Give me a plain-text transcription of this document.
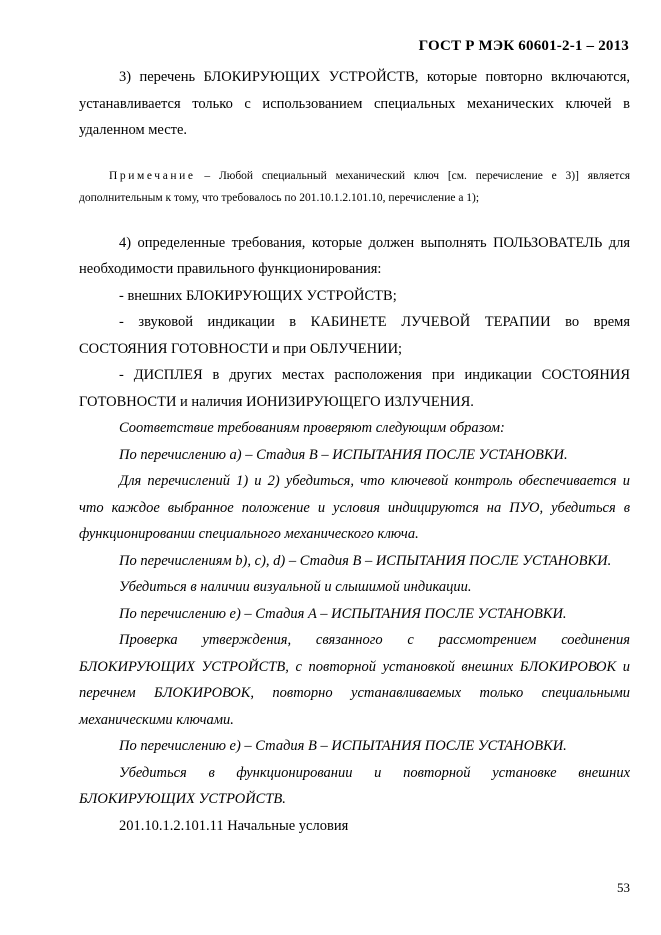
ГОСТ Р МЭК 60601-2-1 – 2013

3) перечень БЛОКИРУЮЩИХ УСТРОЙСТВ, которые повторно включаются, устанавливается только с использованием специальных механических ключей в удаленном месте.

Примечание – Любой специальный механический ключ [см. перечисление e 3)] является дополнительным к тому, что требовалось по 201.10.1.2.101.10, перечисление a 1);

4) определенные требования, которые должен выполнять ПОЛЬЗОВАТЕЛЬ для необходимости правильного функционирования:

- внешних БЛОКИРУЮЩИХ УСТРОЙСТВ;

- звуковой индикации в КАБИНЕТЕ ЛУЧЕВОЙ ТЕРАПИИ во время СОСТОЯНИЯ ГОТОВНОСТИ и при ОБЛУЧЕНИИ;

- ДИСПЛЕЯ в других местах расположения при индикации СОСТОЯНИЯ ГОТОВНОСТИ и наличия ИОНИЗИРУЮЩЕГО ИЗЛУЧЕНИЯ.

Соответствие требованиям проверяют следующим образом:

По перечислению a) – Стадия B – ИСПЫТАНИЯ ПОСЛЕ УСТАНОВКИ.

Для перечислений 1) и 2) убедиться, что ключевой контроль обеспечивается и что каждое выбранное положение и условия индицируются на ПУО, убедиться в функционировании специального механического ключа.

По перечислениям b), c), d) – Стадия B – ИСПЫТАНИЯ ПОСЛЕ УСТАНОВКИ.

Убедиться в наличии визуальной и слышимой индикации.

По перечислению e) – Стадия A – ИСПЫТАНИЯ ПОСЛЕ УСТАНОВКИ.

Проверка утверждения, связанного с рассмотрением соединения БЛОКИРУЮЩИХ УСТРОЙСТВ, с повторной установкой внешних БЛОКИРОВОК и перечнем БЛОКИРОВОК, повторно устанавливаемых только специальными механическими ключами.

По перечислению e) – Стадия B – ИСПЫТАНИЯ ПОСЛЕ УСТАНОВКИ.

Убедиться в функционировании и повторной установке внешних БЛОКИРУЮЩИХ УСТРОЙСТВ.

201.10.1.2.101.11 Начальные условия

53
